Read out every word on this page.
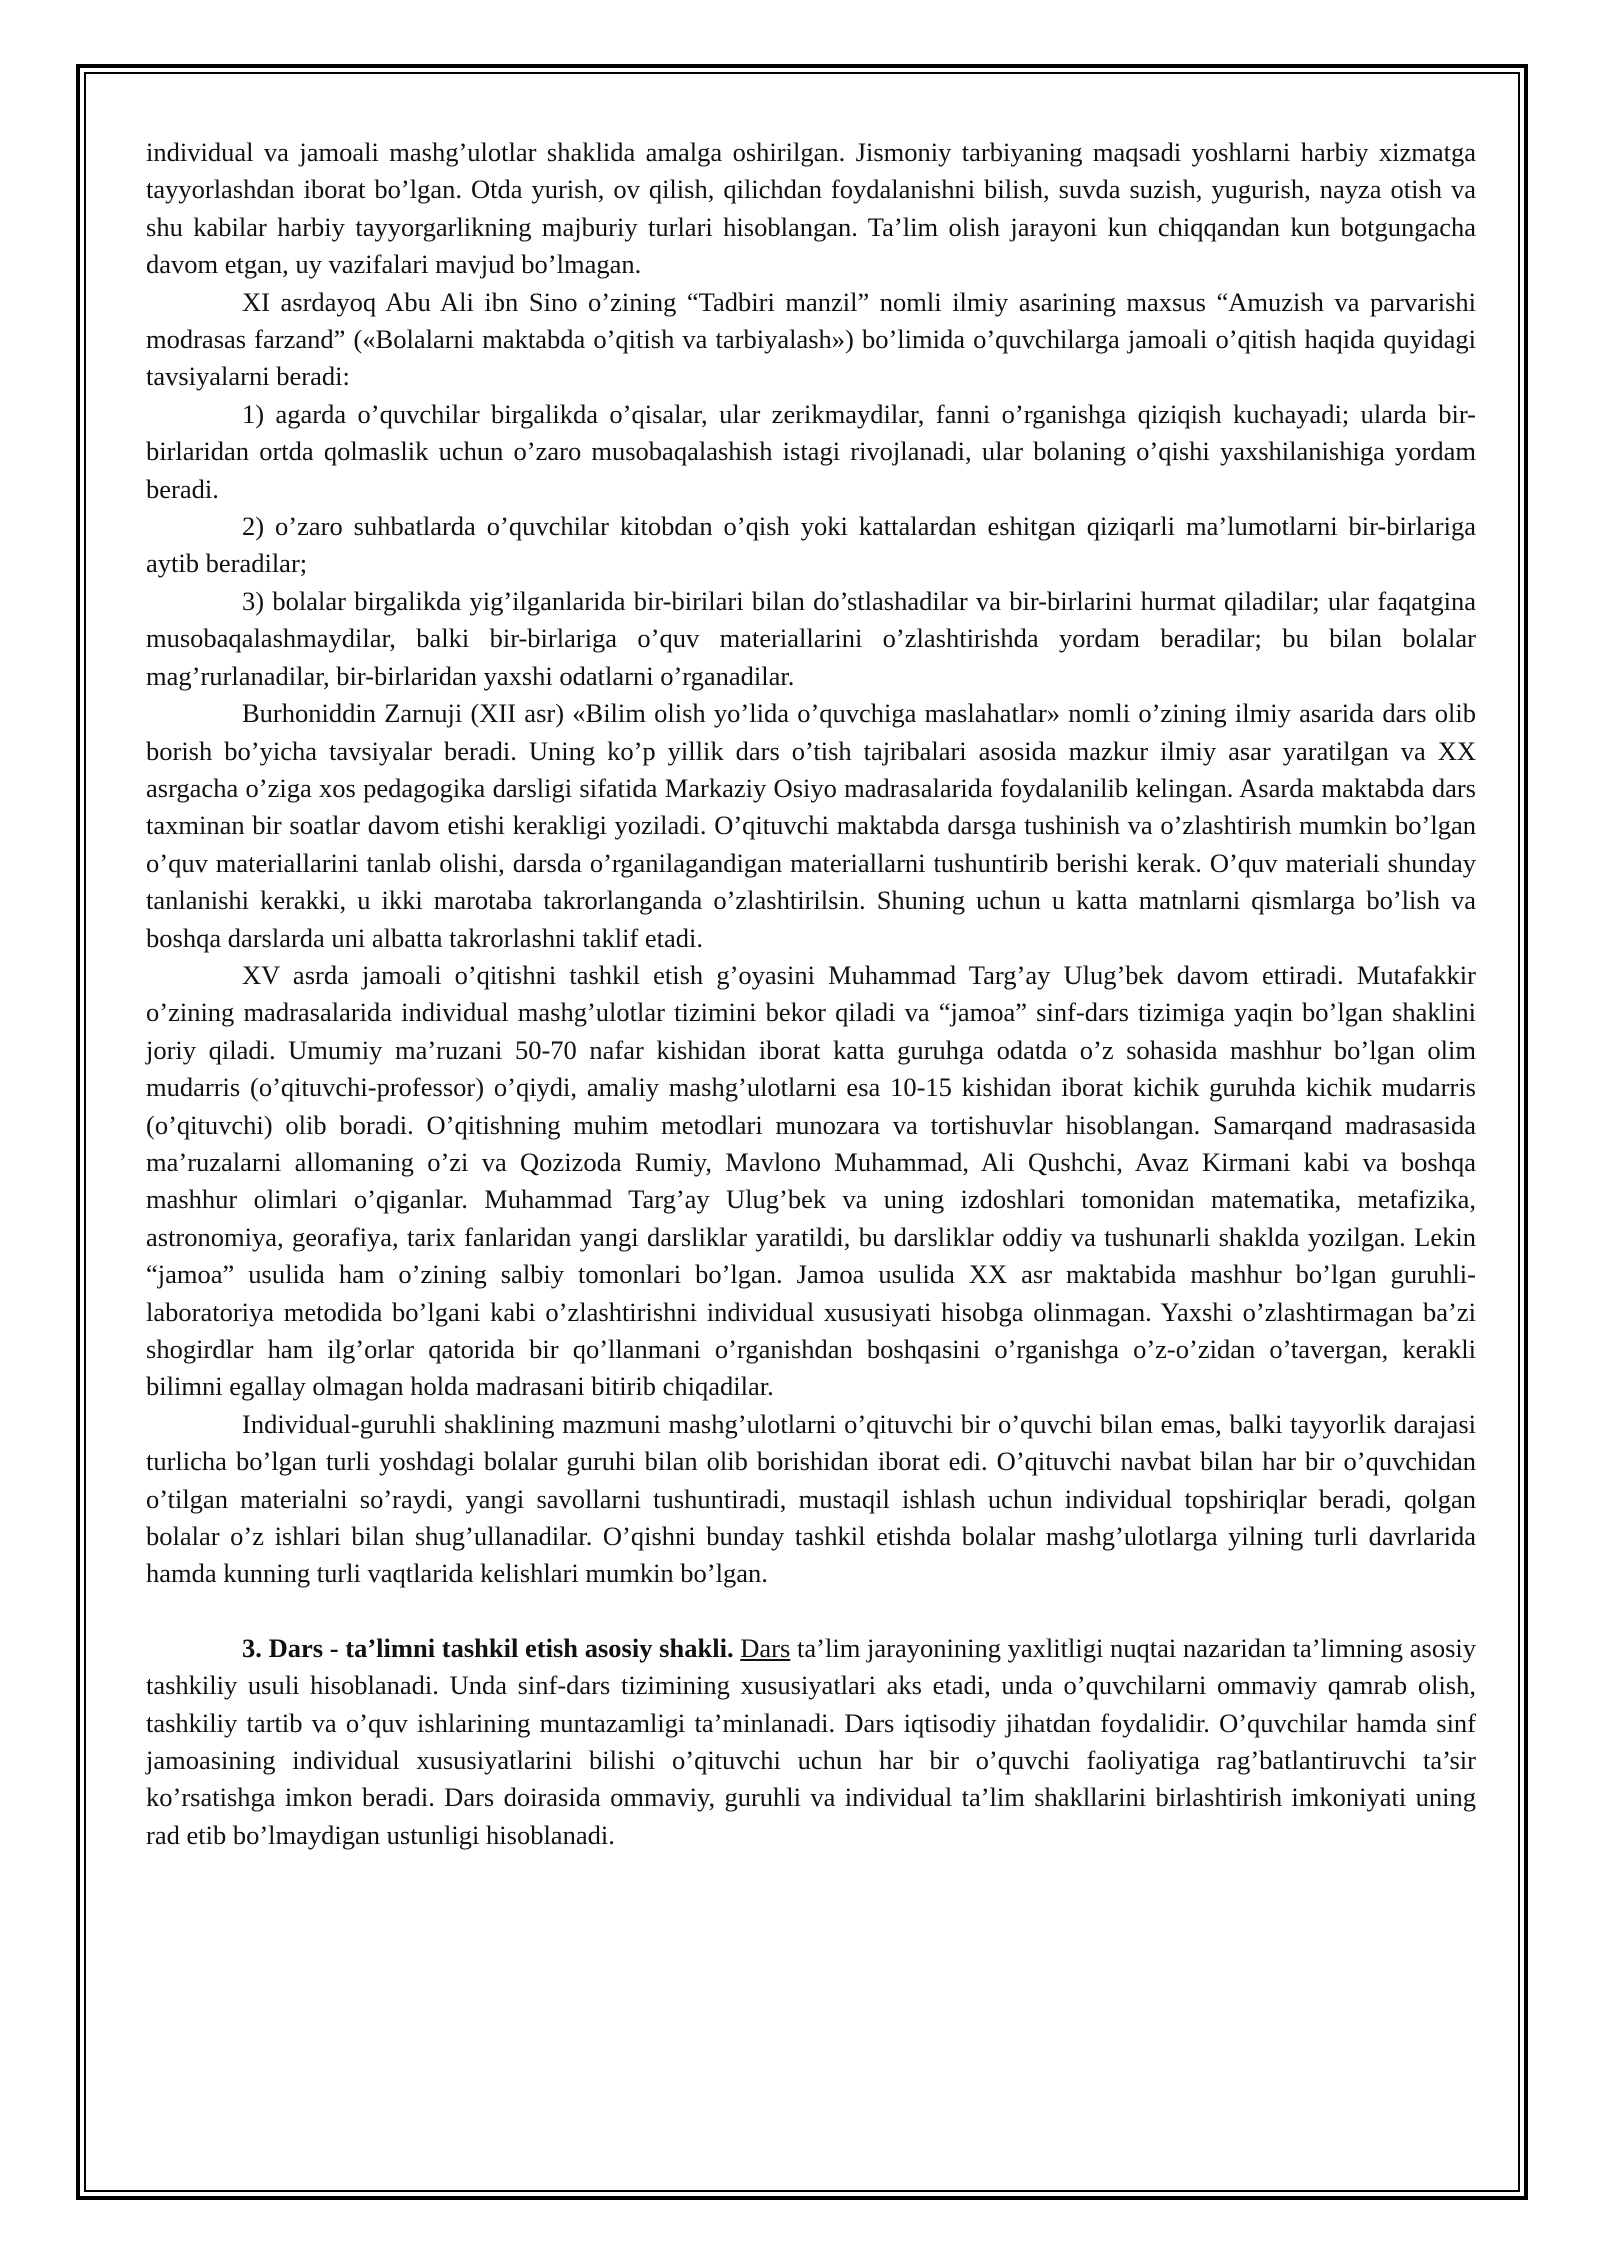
individual va jamoali mashg’ulotlar shaklida amalga oshirilgan. Jismoniy tarbiyaning maqsadi yoshlarni harbiy xizmatga tayyorlashdan iborat bo’lgan. Otda yurish, ov qilish, qilichdan foydalanishni bilish, suvda suzish, yugurish, nayza otish va shu kabilar harbiy tayyorgarlikning majburiy turlari hisoblangan. Ta’lim olish jarayoni kun chiqqandan kun botgungacha davom etgan, uy vazifalari mavjud bo’lmagan.

XI asrdayoq Abu Ali ibn Sino o’zining “Tadbiri manzil” nomli ilmiy asarining maxsus “Amuzish va parvarishi modrasas farzand” («Bolalarni maktabda o’qitish va tarbiyalash») bo’limida o’quvchilarga jamoali o’qitish haqida quyidagi tavsiyalarni beradi:

1) agarda o’quvchilar birgalikda o’qisalar, ular zerikmaydilar, fanni o’rganishga qiziqish kuchayadi; ularda bir-birlaridan ortda qolmaslik uchun o’zaro musobaqalashish istagi rivojlanadi, ular bolaning o’qishi yaxshilanishiga yordam beradi.

2) o’zaro suhbatlarda o’quvchilar kitobdan o’qish yoki kattalardan eshitgan qiziqarli ma’lumotlarni bir-birlariga aytib beradilar;

3) bolalar birgalikda yig’ilganlarida bir-birilari bilan do’stlashadilar va bir-birlarini hurmat qiladilar; ular faqatgina musobaqalashmaydilar, balki bir-birlariga o’quv materiallarini o’zlashtirishda yordam beradilar; bu bilan bolalar mag’rurlanadilar, bir-birlaridan yaxshi odatlarni o’rganadilar.

Burhoniddin Zarnuji (XII asr) «Bilim olish yo’lida o’quvchiga maslahatlar» nomli o’zining ilmiy asarida dars olib borish bo’yicha tavsiyalar beradi. Uning ko’p yillik dars o’tish tajribalari asosida mazkur ilmiy asar yaratilgan va XX asrgacha o’ziga xos pedagogika darsligi sifatida Markaziy Osiyo madrasalarida foydalanilib kelingan. Asarda maktabda dars taxminan bir soatlar davom etishi kerakligi yoziladi. O’qituvchi maktabda darsga tushinish va o’zlashtirish mumkin bo’lgan o’quv materiallarini tanlab olishi, darsda o’rganilagandigan materiallarni tushuntirib berishi kerak. O’quv materiali shunday tanlanishi kerakki, u ikki marotaba takrorlanganda o’zlashtirilsin. Shuning uchun u katta matnlarni qismlarga bo’lish va boshqa darslarda uni albatta takrorlashni taklif etadi.

XV asrda jamoali o’qitishni tashkil etish g’oyasini Muhammad Targ’ay Ulug’bek davom ettiradi. Mutafakkir o’zining madrasalarida individual mashg’ulotlar tizimini bekor qiladi va “jamoa” sinf-dars tizimiga yaqin bo’lgan shaklini joriy qiladi. Umumiy ma’ruzani 50-70 nafar kishidan iborat katta guruhga odatda o’z sohasida mashhur bo’lgan olim mudarris (o’qituvchi-professor) o’qiydi, amaliy mashg’ulotlarni esa 10-15 kishidan iborat kichik guruhda kichik mudarris (o’qituvchi) olib boradi. O’qitishning muhim metodlari munozara va tortishuvlar hisoblangan. Samarqand madrasasida ma’ruzalarni allomaning o’zi va Qozizoda Rumiy, Mavlono Muhammad, Ali Qushchi, Avaz Kirmani kabi va boshqa mashhur olimlari o’qiganlar. Muhammad Targ’ay Ulug’bek va uning izdoshlari tomonidan matematika, metafizika, astronomiya, georafiya, tarix fanlaridan yangi darsliklar yaratildi, bu darsliklar oddiy va tushunarli shaklda yozilgan. Lekin “jamoa” usulida ham o’zining salbiy tomonlari bo’lgan. Jamoa usulida XX asr maktabida mashhur bo’lgan guruhli-laboratoriya metodida bo’lgani kabi o’zlashtirishni individual xususiyati hisobga olinmagan. Yaxshi o’zlashtirmagan ba’zi shogirdlar ham ilg’orlar qatorida bir qo’llanmani o’rganishdan boshqasini o’rganishga o’z-o’zidan o’tavergan, kerakli bilimni egallay olmagan holda madrasani bitirib chiqadilar.

Individual-guruhli shaklining mazmuni mashg’ulotlarni o’qituvchi bir o’quvchi bilan emas, balki tayyorlik darajasi turlicha bo’lgan turli yoshdagi bolalar guruhi bilan olib borishidan iborat edi. O’qituvchi navbat bilan har bir o’quvchidan o’tilgan materialni so’raydi, yangi savollarni tushuntiradi, mustaqil ishlash uchun individual topshiriqlar beradi, qolgan bolalar o’z ishlari bilan shug’ullanadilar. O’qishni bunday tashkil etishda bolalar mashg’ulotlarga yilning turli davrlarida hamda kunning turli vaqtlarida kelishlari mumkin bo’lgan.

3. Dars - ta’limni tashkil etish asosiy shakli. Dars ta’lim jarayonining yaxlitligi nuqtai nazaridan ta’limning asosiy tashkiliy usuli hisoblanadi. Unda sinf-dars tizimining xususiyatlari aks etadi, unda o’quvchilarni ommaviy qamrab olish, tashkiliy tartib va o’quv ishlarining muntazamligi ta’minlanadi. Dars iqtisodiy jihatdan foydalidir. O’quvchilar hamda sinf jamoasining individual xususiyatlarini bilishi o’qituvchi uchun har bir o’quvchi faoliyatiga rag’batlantiruvchi ta’sir ko’rsatishga imkon beradi. Dars doirasida ommaviy, guruhli va individual ta’lim shakllarini birlashtirish imkoniyati uning rad etib bo’lmaydigan ustunligi hisoblanadi.
